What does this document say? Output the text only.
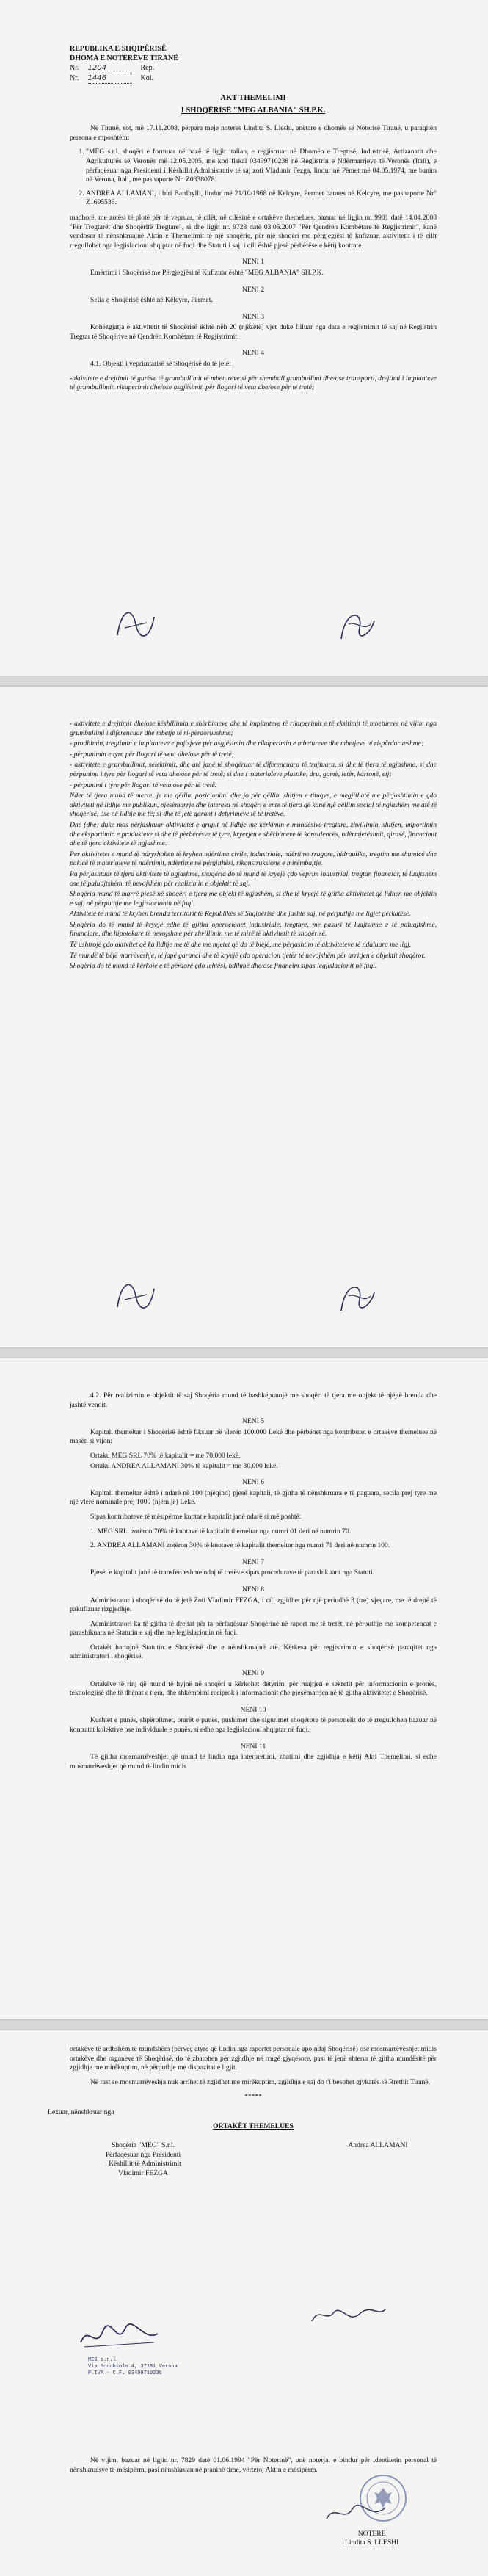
REPUBLIKA E SHQIPËRISË
DHOMA E NOTERËVE TIRANË
Nr. 1204	Rep.
Nr. 1446	Kol.
AKT THEMELIMI
I SHOQËRISË "MEG ALBANIA" SH.P.K.

Në Tiranë, sot, më 17.11.2008, përpara meje noteres Lindita S. Lleshi, anëtare e dhomës së Noterisë Tiranë, u paraqitën persona e mposhtëm:

1. "MEG s.r.l. shoqëri e formuar në bazë të ligjit italian, e regjistruar në Dhomën e Tregtisë, Industrisë, Artizanatit dhe Agrikulturës së Veronës më 12.05.2005, me kod fiskal 03499710238 në Regjistrin e Ndërmarrjeve të Veronës (Itali), e përfaqësuar nga Presidenti i Këshillit Administrativ të saj zoti Vladimir Fezga, lindur në Pëmet më 04.05.1974, me banim në Verona, Itali, me pashaporte Nr. Z0338078.
2. ANDREA ALLAMANI, i biri Bardhylli, lindur më 21/10/1968 në Kelcyre, Permet banues në Kelcyre, me pashaporte Nr° Z1695536.

madhorë, me zotësi të plotë për të vepruar, të cilët, në cilësinë e ortakëve themelues, bazuar në ligjin nr. 9901 datë 14.04.2008 "Për Tregtarët dhe Shoqëritë Tregtare", si dhe ligjit nr. 9723 datë 03.05.2007 "Për Qendrën Kombëtare të Regjistrimit", kanë vendosur të nënshkruajnë Aktin e Themelimit të një shoqërie, për një shoqëri me përgjegjësi të kufizuar, aktivitetit i të cilit rregullohet nga legjislacioni shqiptar në fuqi dhe Statuti i saj, i cili është pjesë përbërëse e këtij kontrate.

NENI 1

Emërtimi i Shoqërisë me Përgjegjësi të Kufizuar është "MEG ALBANIA" SH.P.K.

NENI 2

Selia e Shoqërisë është në Këlcyre, Përmet.

NENI 3

Kohëzgjatja e aktivitetit të Shoqërisë është nëh 20 (njëzetë) vjet duke filluar nga data e regjistrimit të saj në Regjistrin Tregtar të Shoqërive në Qendrën Kombëtare të Regjistrimit.

NENI 4

4.1. Objekti i veprimtarisë së Shoqërisë do të jetë:

-aktivitete e drejtimit të gurëve të grumbullimit të mbetureve si për shembull grumbullimi dhe/ose transporti, drejtimi i impianteve të grumbullimit, rikuperimit dhe/ose asgjësimit, për llogari të veta dhe/ose për të tretë;
- aktivitete e drejtimit dhe/ose këshillimin e shërbimeve dhe të impianteve të rikuperimit e të eksitimit të mbetureve në vijim nga grumbullimi i diferencuar dhe mbetje të ri-përdorueshme;
- prodhimin, tregtimin e impianteve e pajisjeve për asgjësimin dhe rikuperimin e mbetureve dhe mbetjeve të ri-përdorueshme;
- përpunimin e tyre për llogari të veta dhe/ose për të tretë;
- aktivitete e grumbullimit, selektimit, dhe atë janë të shoqëruar të diferencuara të trajtuara, si dhe të tjera të ngjashme, si dhe përpunimi i tyre për llogari të veta dhe/ose për të tretë; si dhe i materialeve plastike, dru, gomë, letër, kartonë, etj;
- përpunimi i tyre për llogari të veta ose për të tretë.
Nder të tjera mund të merre, je me qëllim pozicionimi dhe jo për qëllim shitjen e tituqve, e megjithatë me përjashtimin e çdo aktiviteti në lidhje me publikun, pjesëmarrje dhe interesa në shoqëri e ente të tjera që kanë një qëllim social të ngjashëm me atë të shoqërisë, ose në lidhje me të; si dhe të jetë garant i detyrimeve të të tretëve.
Dhe (dhe) duke mos përjashtuar aktivitetet e grupit në lidhje me kërkimin e mundësive tregtare, zhvillimin, shitjen, importimin dhe eksportimin e produkteve si dhe të përbërësve të tyre, kryerjen e shërbimeve të konsulencës, ndërmjetësimit, qirasë, financimit dhe të tjera aktivitete të ngjashme.
Per aktivitetet e mund të ndryshohen të kryhen ndërtime civile, industriale, ndërtime rrugore, hidraulike, tregtim me shumicë dhe pakicë të materialeve të ndërtimit, ndërtime në përgjithësi, rikonstruksione e mirëmbajtje.
Pa përjashtuar të tjera aktivitete të ngjashme, shoqëria do të mund të kryejë çdo veprim industrial, tregtar, financiar, të luajtshëm ose të paluajtshëm, të nevojshëm për realizimin e objektit të saj.
Shoqëria mund të marrë pjesë në shoqëri e tjera me objekt të ngjashëm, si dhe të kryejë të gjitha aktivitetet që lidhen me objektin e saj, në përputhje me legjislacionin në fuqi.
Aktivitete te mund të kryhen brenda territorit të Republikës së Shqipërisë dhe jashtë saj, në përputhje me ligjet përkatëse.
Shoqëria do të mund të kryejë edhe të gjitha operacionet industriale, tregtare, me pasuri të luajtshme e të paluajtshme, financiare, dhe hipotekare të nevojshme për zhvillimin me të mirë të aktivitetit të shoqërisë.
Të ushtrojë çdo aktivitet që ka lidhje me të dhe me mjetet që do të blejë, me përjashtim të aktiviteteve të ndaluara me ligj.
Të mundë të bëjë marrëveshje, të japë garanci dhe të kryejë çdo operacion tjetër të nevojshëm për arritjen e objektit shoqëror.
Shoqëria do të mund të kërkojë e të përdorë çdo lehtësi, ndihmë dhe/ose financim sipas legjislacionit në fuqi.

4.2. Për realizimin e objektit të saj Shoqëria mund të bashkëpunojë me shoqëri të tjera me objekt të njëjtë brenda dhe jashtë vendit.

NENI 5

Kapitali themeltar i Shoqërisë është fiksuar në vlerën 100.000 Lekë dhe përbëhet nga kontributet e ortakëve themelues në masën si vijon:

Ortaku MEG SRL 70% të kapitalit = me 70.000 lekë.

Ortaku ANDREA ALLAMANI 30% të kapitalit = me 30.000 lekë.

NENI 6

Kapitali themeltar është i ndarë në 100 (njëqind) pjesë kapitali, të gjitha të nënshkruara e të paguara, secila prej tyre me një vlerë nominale prej 1000 (njëmijë) Lekë.

Sipas kontributeve të mësipërme kuotat e kapitalit janë ndarë si më poshtë:

1. MEG SRL. zotëron 70% të kuotave të kapitalit themeltar nga numri 01 deri në numrin 70.

2. ANDREA ALLAMANI zotëron 30% të kuotave të kapitalit themeltar nga numri 71 deri në numrin 100.

NENI 7

Pjesët e kapitalit janë të transferueshme ndaj të tretëve sipas procedurave të parashikuara nga Statuti.

NENI 8

Administrator i shoqërisë do të jetë Zoti Vladimir FEZGA, i cili zgjidhet për një periudhë 3 (tre) vjeçare, me të drejtë të pakufizuar rizgjedhje.

Administratori ka të gjitha të drejtat për ta përfaqësuar Shoqërinë në raport me të tretët, në përputhje me kompetencat e parashikuara në Statutin e saj dhe me legjislacionin në fuqi.

Ortakët hartojnë Statutin e Shoqërisë dhe e nënshkruajnë atë. Kërkesa për regjistrimin e shoqërisë paraqitet nga administratori i shoqërisë.

NENI 9

Ortakëve të rinj që mund të hyjnë në shoqëri u kërkohet detyrimi për ruajtjen e sekretit për informacionin e pronës, teknologjisë dhe të dhënat e tjera, dhe shkëmbimi reciprok i informacionit dhe pjesëmarrjen në të gjitha aktivitetet e Shoqërisë.

NENI 10

Kushtet e punës, shpërblimet, orarët e punës, pushimet dhe sigurimet shoqërore të personelit do të rregullohen bazuar në kontratat kolektive ose individuale e punës, si edhe nga legjislacioni shqiptar në fuqi.

NENI 11

Të gjitha mosmarrëveshjet që mund të lindin nga interpretimi, zbatimi dhe zgjidhja e këtij Akti Themelimi, si edhe mosmarrëveshjet që mund të lindin midis

ortakëve të ardhshëm të mundshëm (përveç atyre që lindin nga raportet personale apo ndaj Shoqërisë) ose mosmarrëveshjet midis ortakëve dhe organeve të Shoqërisë, do të zbatohen për zgjidhje në rrugë gjyqësore, pasi të jenë shterur të gjitha mundësitë për zgjidhje me mirëkuptim, në përputhje me dispozitat e ligjit.

Në rast se mosmarrëveshja nuk arrihet të zgjidhet me mirëkuptim, zgjidhja e saj do t'i besohet gjykatës së Rrethit Tiranë.

*****
Lexuar, nënshkruar nga
ORTAKËT THEMELUES
Shoqëria "MEG" S.r.l.
Përfaqësuar nga Presidenti
i Këshillit të Administrimit
Vladimir FEZGA
Andrea ALLAMANI
MEG s.r.l.
Via Morobiolo 4, 37131 Verona
P.IVA - C.F. 03499710238

Në vijim, bazuar në ligjin nr. 7829 datë 01.06.1994 "Për Noterinë", unë noterja, e bindur për identitetin personal të nënshkruesve të mësipërm, pasi nënshkruan në praninë time, vërtetoj Aktin e mësipërm.

NOTERE
Lindita S. LLESHI
